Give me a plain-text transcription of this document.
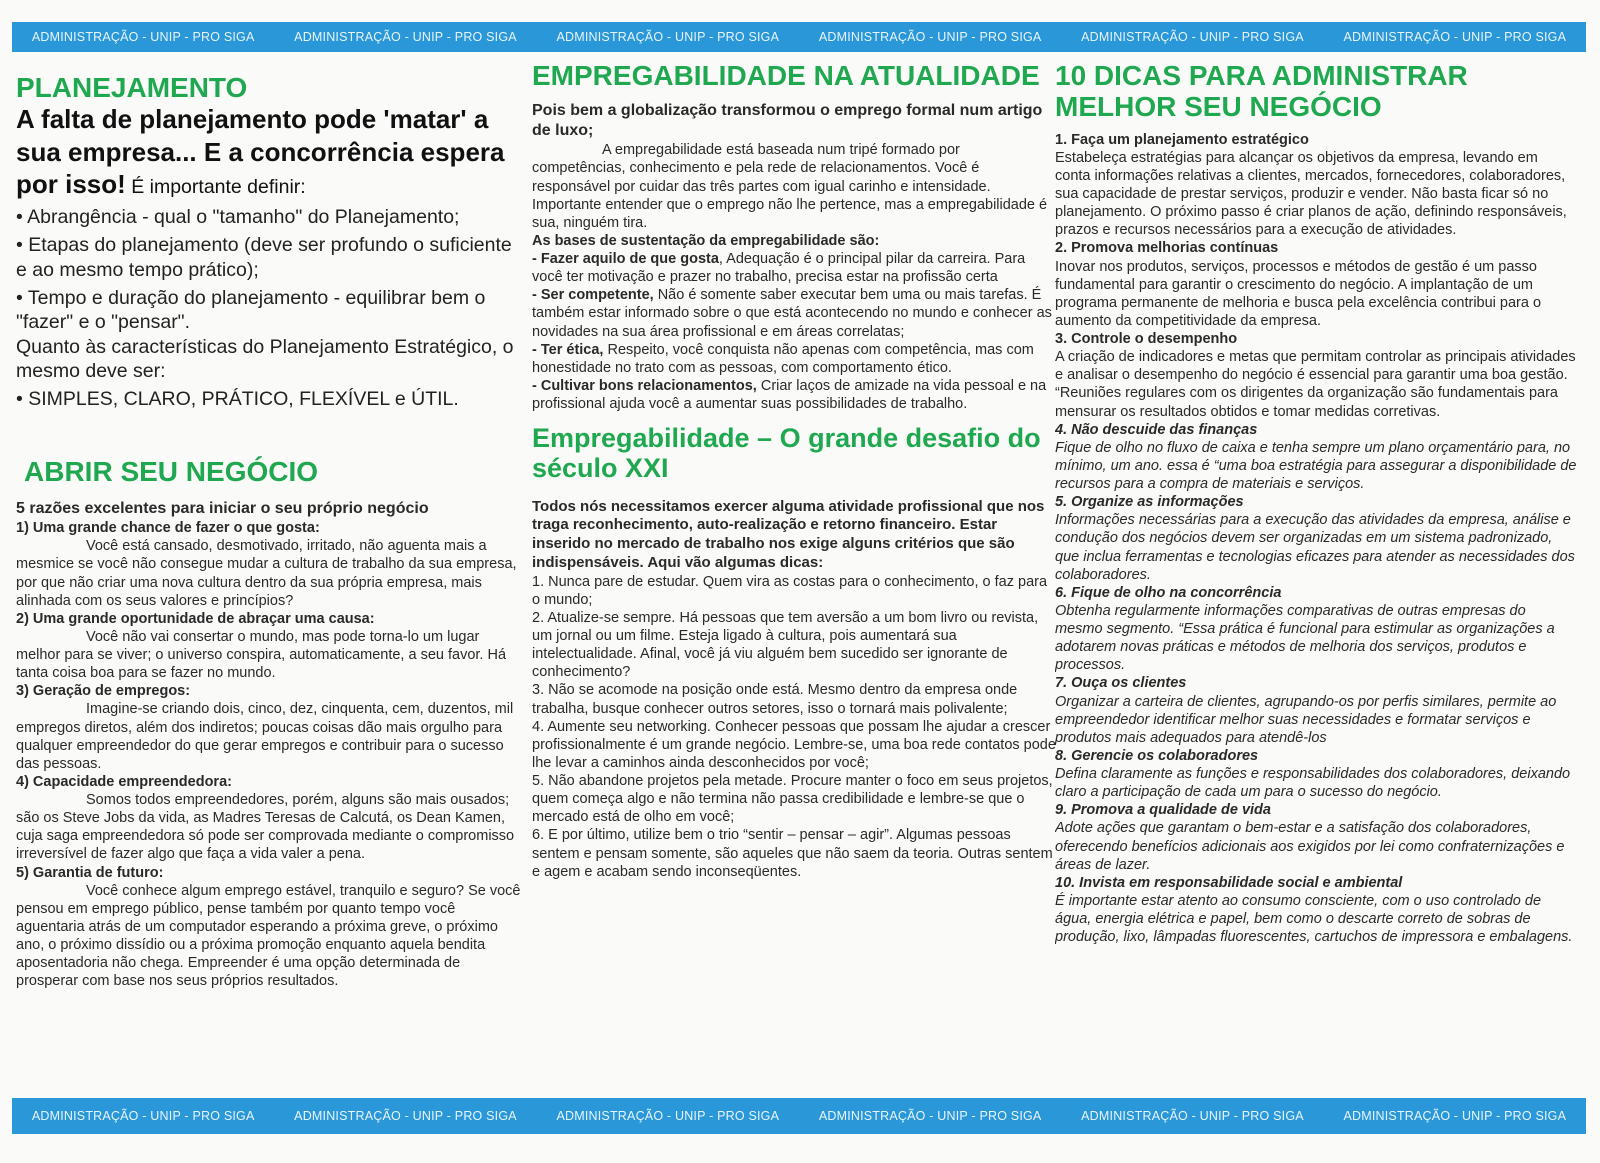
ADMINISTRAÇÃO - UNIP - PRO SIGA	ADMINISTRAÇÃO - UNIP - PRO SIGA	ADMINISTRAÇÃO - UNIP - PRO SIGA	ADMINISTRAÇÃO - UNIP - PRO SIGA	ADMINISTRAÇÃO - UNIP - PRO SIGA	ADMINISTRAÇÃO - UNIP - PRO SIGA
PLANEJAMENTO

A falta de planejamento pode 'matar' a sua empresa... E a concorrência espera por isso! É importante definir:

• Abrangência - qual o "tamanho" do Planejamento;

• Etapas do planejamento (deve ser profundo o suficiente e ao mesmo tempo prático);

• Tempo e duração do planejamento - equilibrar bem o "fazer" e o "pensar".

Quanto às características do Planejamento Estratégico, o mesmo deve ser:

• SIMPLES, CLARO, PRÁTICO, FLEXÍVEL e ÚTIL.

ABRIR SEU NEGÓCIO

5 razões excelentes para iniciar o seu próprio negócio

1) Uma grande chance de fazer o que gosta:

Você está cansado, desmotivado, irritado, não aguenta mais a mesmice se você não consegue mudar a cultura de trabalho da sua empresa, por que não criar uma nova cultura dentro da sua própria empresa, mais alinhada com os seus valores e princípios?

2) Uma grande oportunidade de abraçar uma causa:

Você não vai consertar o mundo, mas pode torna-lo um lugar melhor para se viver; o universo conspira, automaticamente, a seu favor. Há tanta coisa boa para se fazer no mundo.

3) Geração de empregos:

Imagine-se criando dois, cinco, dez, cinquenta, cem, duzentos, mil empregos diretos, além dos indiretos; poucas coisas dão mais orgulho para qualquer empreendedor do que gerar empregos e contribuir para o sucesso das pessoas.

4) Capacidade empreendedora:

Somos todos empreendedores, porém, alguns são mais ousados; são os Steve Jobs da vida, as Madres Teresas de Calcutá, os Dean Kamen, cuja saga empreendedora só pode ser comprovada mediante o compromisso irreversível de fazer algo que faça a vida valer a pena.

5) Garantia de futuro:

Você conhece algum emprego estável, tranquilo e seguro? Se você pensou em emprego público, pense também por quanto tempo você aguentaria atrás de um computador esperando a próxima greve, o próximo ano, o próximo dissídio ou a próxima promoção enquanto aquela bendita aposentadoria não chega. Empreender é uma opção determinada de prosperar com base nos seus próprios resultados.

EMPREGABILIDADE NA ATUALIDADE

Pois bem a globalização transformou o emprego formal num artigo de luxo;

A empregabilidade está baseada num tripé formado por competências, conhecimento e pela rede de relacionamentos. Você é responsável por cuidar das três partes com igual carinho e intensidade. Importante entender que o emprego não lhe pertence, mas a empregabilidade é sua, ninguém tira.

As bases de sustentação da empregabilidade são:

- Fazer aquilo de que gosta, Adequação é o principal pilar da carreira. Para você ter motivação e prazer no trabalho, precisa estar na profissão certa

- Ser competente, Não é somente saber executar bem uma ou mais tarefas. É também estar informado sobre o que está acontecendo no mundo e conhecer as novidades na sua área profissional e em áreas correlatas;

- Ter ética, Respeito, você conquista não apenas com competência, mas com honestidade no trato com as pessoas, com comportamento ético.

- Cultivar bons relacionamentos, Criar laços de amizade na vida pessoal e na profissional ajuda você a aumentar suas possibilidades de trabalho.

Empregabilidade – O grande desafio do século XXI

Todos nós necessitamos exercer alguma atividade profissional que nos traga reconhecimento, auto-realização e retorno financeiro. Estar inserido no mercado de trabalho nos exige alguns critérios que são indispensáveis. Aqui vão algumas dicas:

1. Nunca pare de estudar. Quem vira as costas para o conhecimento, o faz para o mundo;

2. Atualize-se sempre. Há pessoas que tem aversão a um bom livro ou revista, um jornal ou um filme. Esteja ligado à cultura, pois aumentará sua intelectualidade. Afinal, você já viu alguém bem sucedido ser ignorante de conhecimento?

3. Não se acomode na posição onde está. Mesmo dentro da empresa onde trabalha, busque conhecer outros setores, isso o tornará mais polivalente;

4. Aumente seu networking. Conhecer pessoas que possam lhe ajudar a crescer profissionalmente é um grande negócio. Lembre-se, uma boa rede contatos pode lhe levar a caminhos ainda desconhecidos por você;

5. Não abandone projetos pela metade. Procure manter o foco em seus projetos, quem começa algo e não termina não passa credibilidade e lembre-se que o mercado está de olho em você;

6. E por último, utilize bem o trio “sentir – pensar – agir”. Algumas pessoas sentem e pensam somente, são aqueles que não saem da teoria. Outras sentem e agem e acabam sendo inconseqüentes.

10 DICAS PARA ADMINISTRAR MELHOR SEU NEGÓCIO

1. Faça um planejamento estratégico

Estabeleça estratégias para alcançar os objetivos da empresa, levando em conta informações relativas a clientes, mercados, fornecedores, colaboradores, sua capacidade de prestar serviços, produzir e vender. Não basta ficar só no planejamento. O próximo passo é criar planos de ação, definindo responsáveis, prazos e recursos necessários para a execução de atividades.

2. Promova melhorias contínuas

Inovar nos produtos, serviços, processos e métodos de gestão é um passo fundamental para garantir o crescimento do negócio. A implantação de um programa permanente de melhoria e busca pela excelência contribui para o aumento da competitividade da empresa.

3. Controle o desempenho

A criação de indicadores e metas que permitam controlar as principais atividades e analisar o desempenho do negócio é essencial para garantir uma boa gestão. “Reuniões regulares com os dirigentes da organização são fundamentais para mensurar os resultados obtidos e tomar medidas corretivas.

4. Não descuide das finanças

Fique de olho no fluxo de caixa e tenha sempre um plano orçamentário para, no mínimo, um ano. essa é “uma boa estratégia para assegurar a disponibilidade de recursos para a compra de materiais e serviços.

5. Organize as informações

Informações necessárias para a execução das atividades da empresa, análise e condução dos negócios devem ser organizadas em um sistema padronizado, que inclua ferramentas e tecnologias eficazes para atender as necessidades dos colaboradores.

6. Fique de olho na concorrência

Obtenha regularmente informações comparativas de outras empresas do mesmo segmento. “Essa prática é funcional para estimular as organizações a adotarem novas práticas e métodos de melhoria dos serviços, produtos e processos.

7. Ouça os clientes

Organizar a carteira de clientes, agrupando-os por perfis similares, permite ao empreendedor identificar melhor suas necessidades e formatar serviços e produtos mais adequados para atendê-los

8. Gerencie os colaboradores

Defina claramente as funções e responsabilidades dos colaboradores, deixando claro a participação de cada um para o sucesso do negócio.

9. Promova a qualidade de vida

Adote ações que garantam o bem-estar e a satisfação dos colaboradores, oferecendo benefícios adicionais aos exigidos por lei como confraternizações e áreas de lazer.

10. Invista em responsabilidade social e ambiental

É importante estar atento ao consumo consciente, com o uso controlado de água, energia elétrica e papel, bem como o descarte correto de sobras de produção, lixo, lâmpadas fluorescentes, cartuchos de impressora e embalagens.

ADMINISTRAÇÃO - UNIP - PRO SIGA	ADMINISTRAÇÃO - UNIP - PRO SIGA	ADMINISTRAÇÃO - UNIP - PRO SIGA	ADMINISTRAÇÃO - UNIP - PRO SIGA	ADMINISTRAÇÃO - UNIP - PRO SIGA	ADMINISTRAÇÃO - UNIP - PRO SIGA
